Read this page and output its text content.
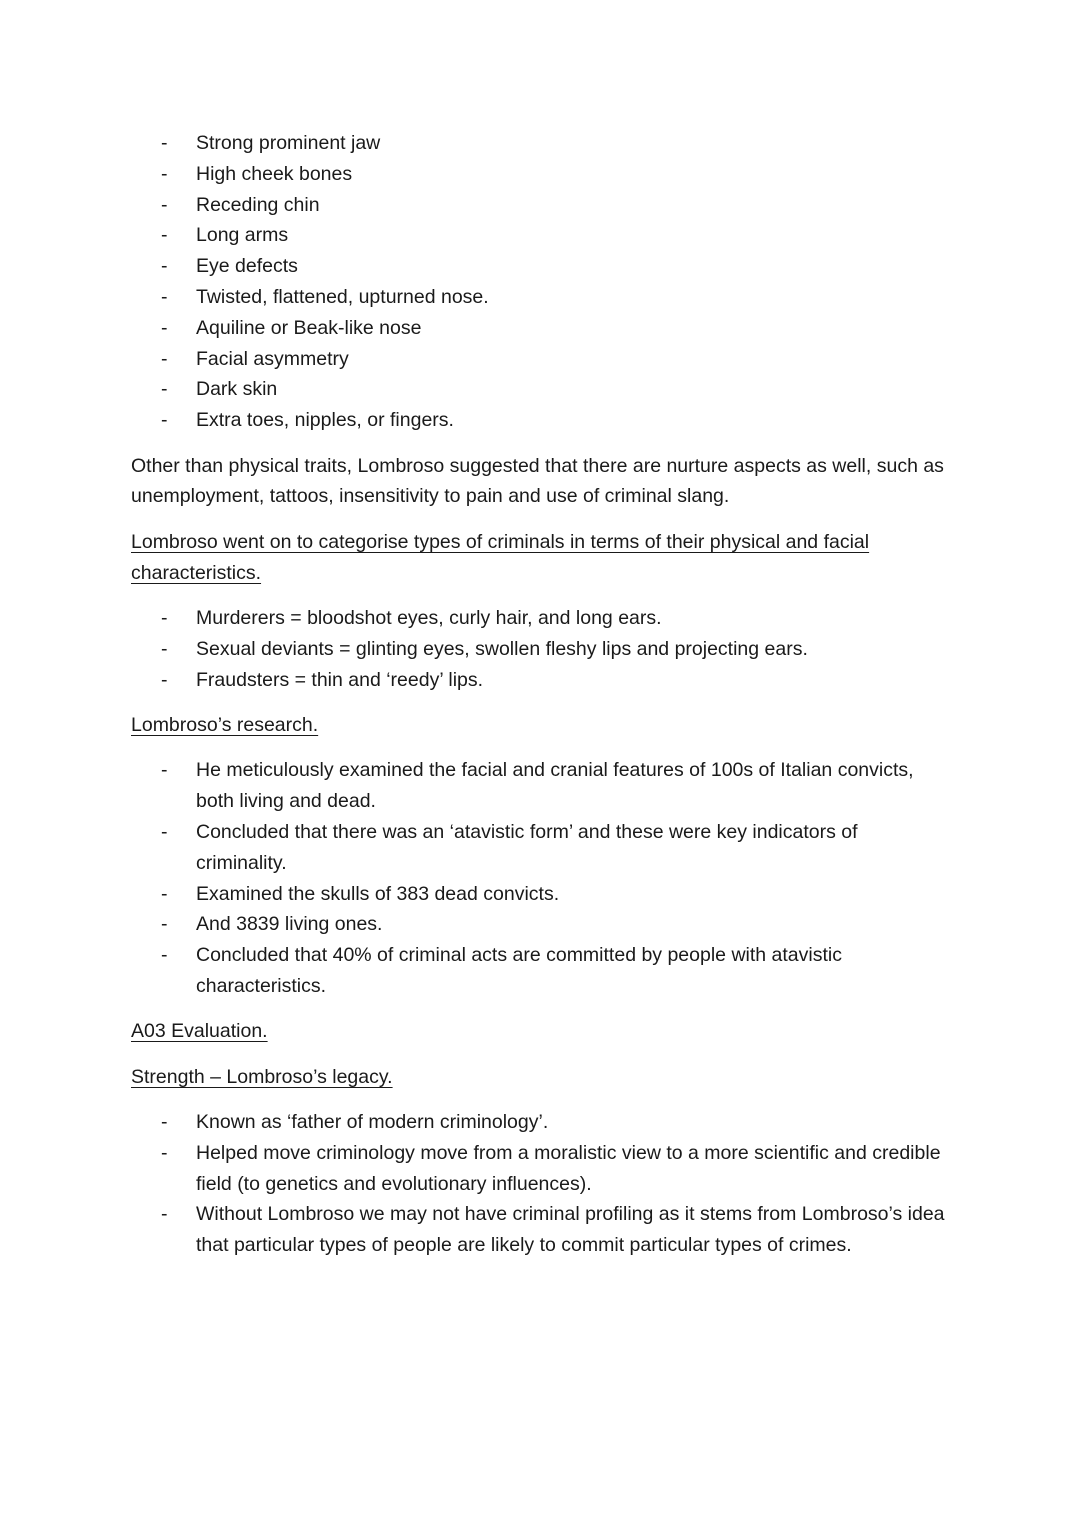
- Strong prominent jaw
- High cheek bones
- Receding chin
- Long arms
- Eye defects
- Twisted, flattened, upturned nose.
- Aquiline or Beak-like nose
- Facial asymmetry
- Dark skin
- Extra toes, nipples, or fingers.

Other than physical traits, Lombroso suggested that there are nurture aspects as well, such as unemployment, tattoos, insensitivity to pain and use of criminal slang.

Lombroso went on to categorise types of criminals in terms of their physical and facial characteristics.

- Murderers = bloodshot eyes, curly hair, and long ears.
- Sexual deviants = glinting eyes, swollen fleshy lips and projecting ears.
- Fraudsters = thin and ‘reedy’ lips.

Lombroso’s research.

- He meticulously examined the facial and cranial features of 100s of Italian convicts, both living and dead.
- Concluded that there was an ‘atavistic form’ and these were key indicators of criminality.
- Examined the skulls of 383 dead convicts.
- And 3839 living ones.
- Concluded that 40% of criminal acts are committed by people with atavistic characteristics.

A03 Evaluation.

Strength – Lombroso’s legacy.

- Known as ‘father of modern criminology’.
- Helped move criminology move from a moralistic view to a more scientific and credible field (to genetics and evolutionary influences).
- Without Lombroso we may not have criminal profiling as it stems from Lombroso’s idea that particular types of people are likely to commit particular types of crimes.
